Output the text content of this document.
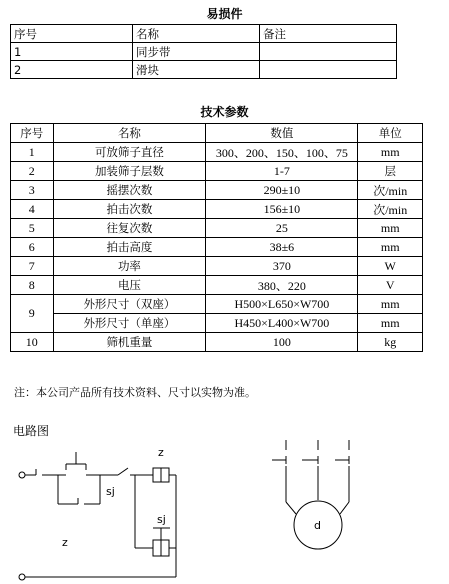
易损件
序号	名称	备注
1	同步带	
2	滑块	
技术参数
序号	名称	数值	单位
1	可放筛子直径	300、200、150、100、75	mm
2	加装筛子层数	1-7	层
3	摇摆次数	290±10	次/min
4	拍击次数	156±10	次/min
5	往复次数	25	mm
6	拍击高度	38±6	mm
7	功率	370	W
8	电压	380、220	V
9	外形尺寸（双座）	H500×L650×W700	mm
	外形尺寸（单座）	H450×L400×W700	mm
10	筛机重量	100	kg
注：本公司产品所有技术资料、尺寸以实物为准。
电路图
z
sj
sj
z
d
